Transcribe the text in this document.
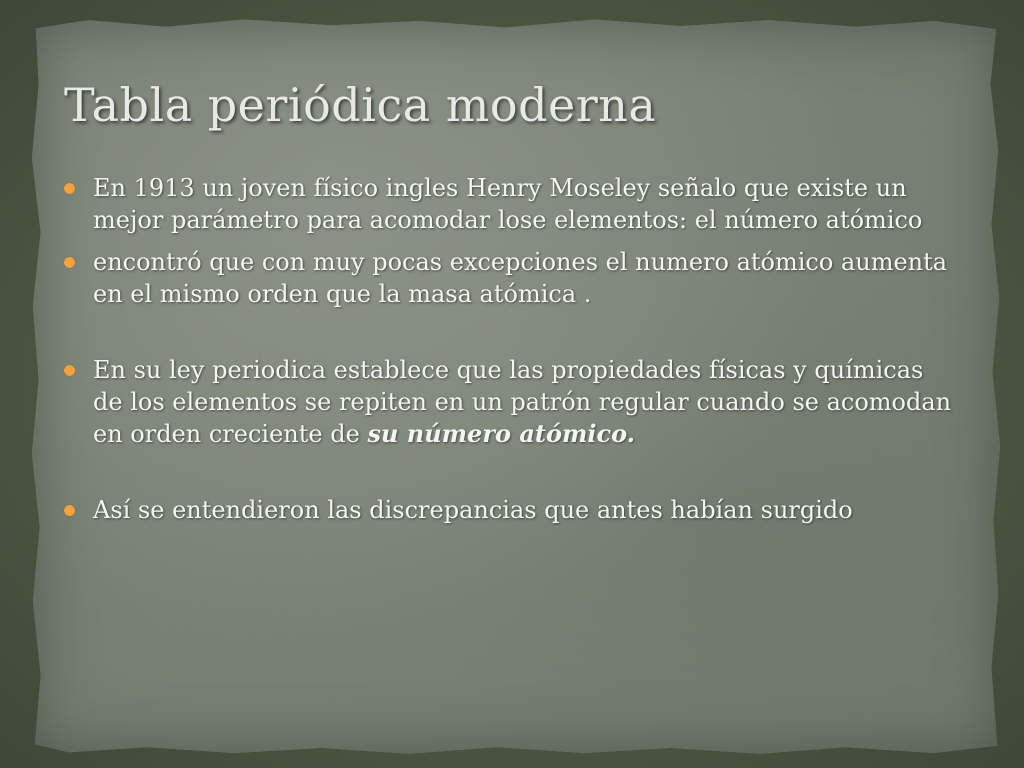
Tabla periódica moderna
En 1913 un joven físico ingles Henry Moseley señalo que existe un mejor parámetro para acomodar lose elementos: el número atómico
encontró que con muy pocas excepciones el numero atómico aumenta en el mismo orden que la masa atómica .
En su ley periodica establece que las propiedades físicas y químicas de los elementos se repiten en un patrón regular cuando se acomodan en orden creciente de su número atómico.
Así se entendieron las discrepancias que antes habían surgido
